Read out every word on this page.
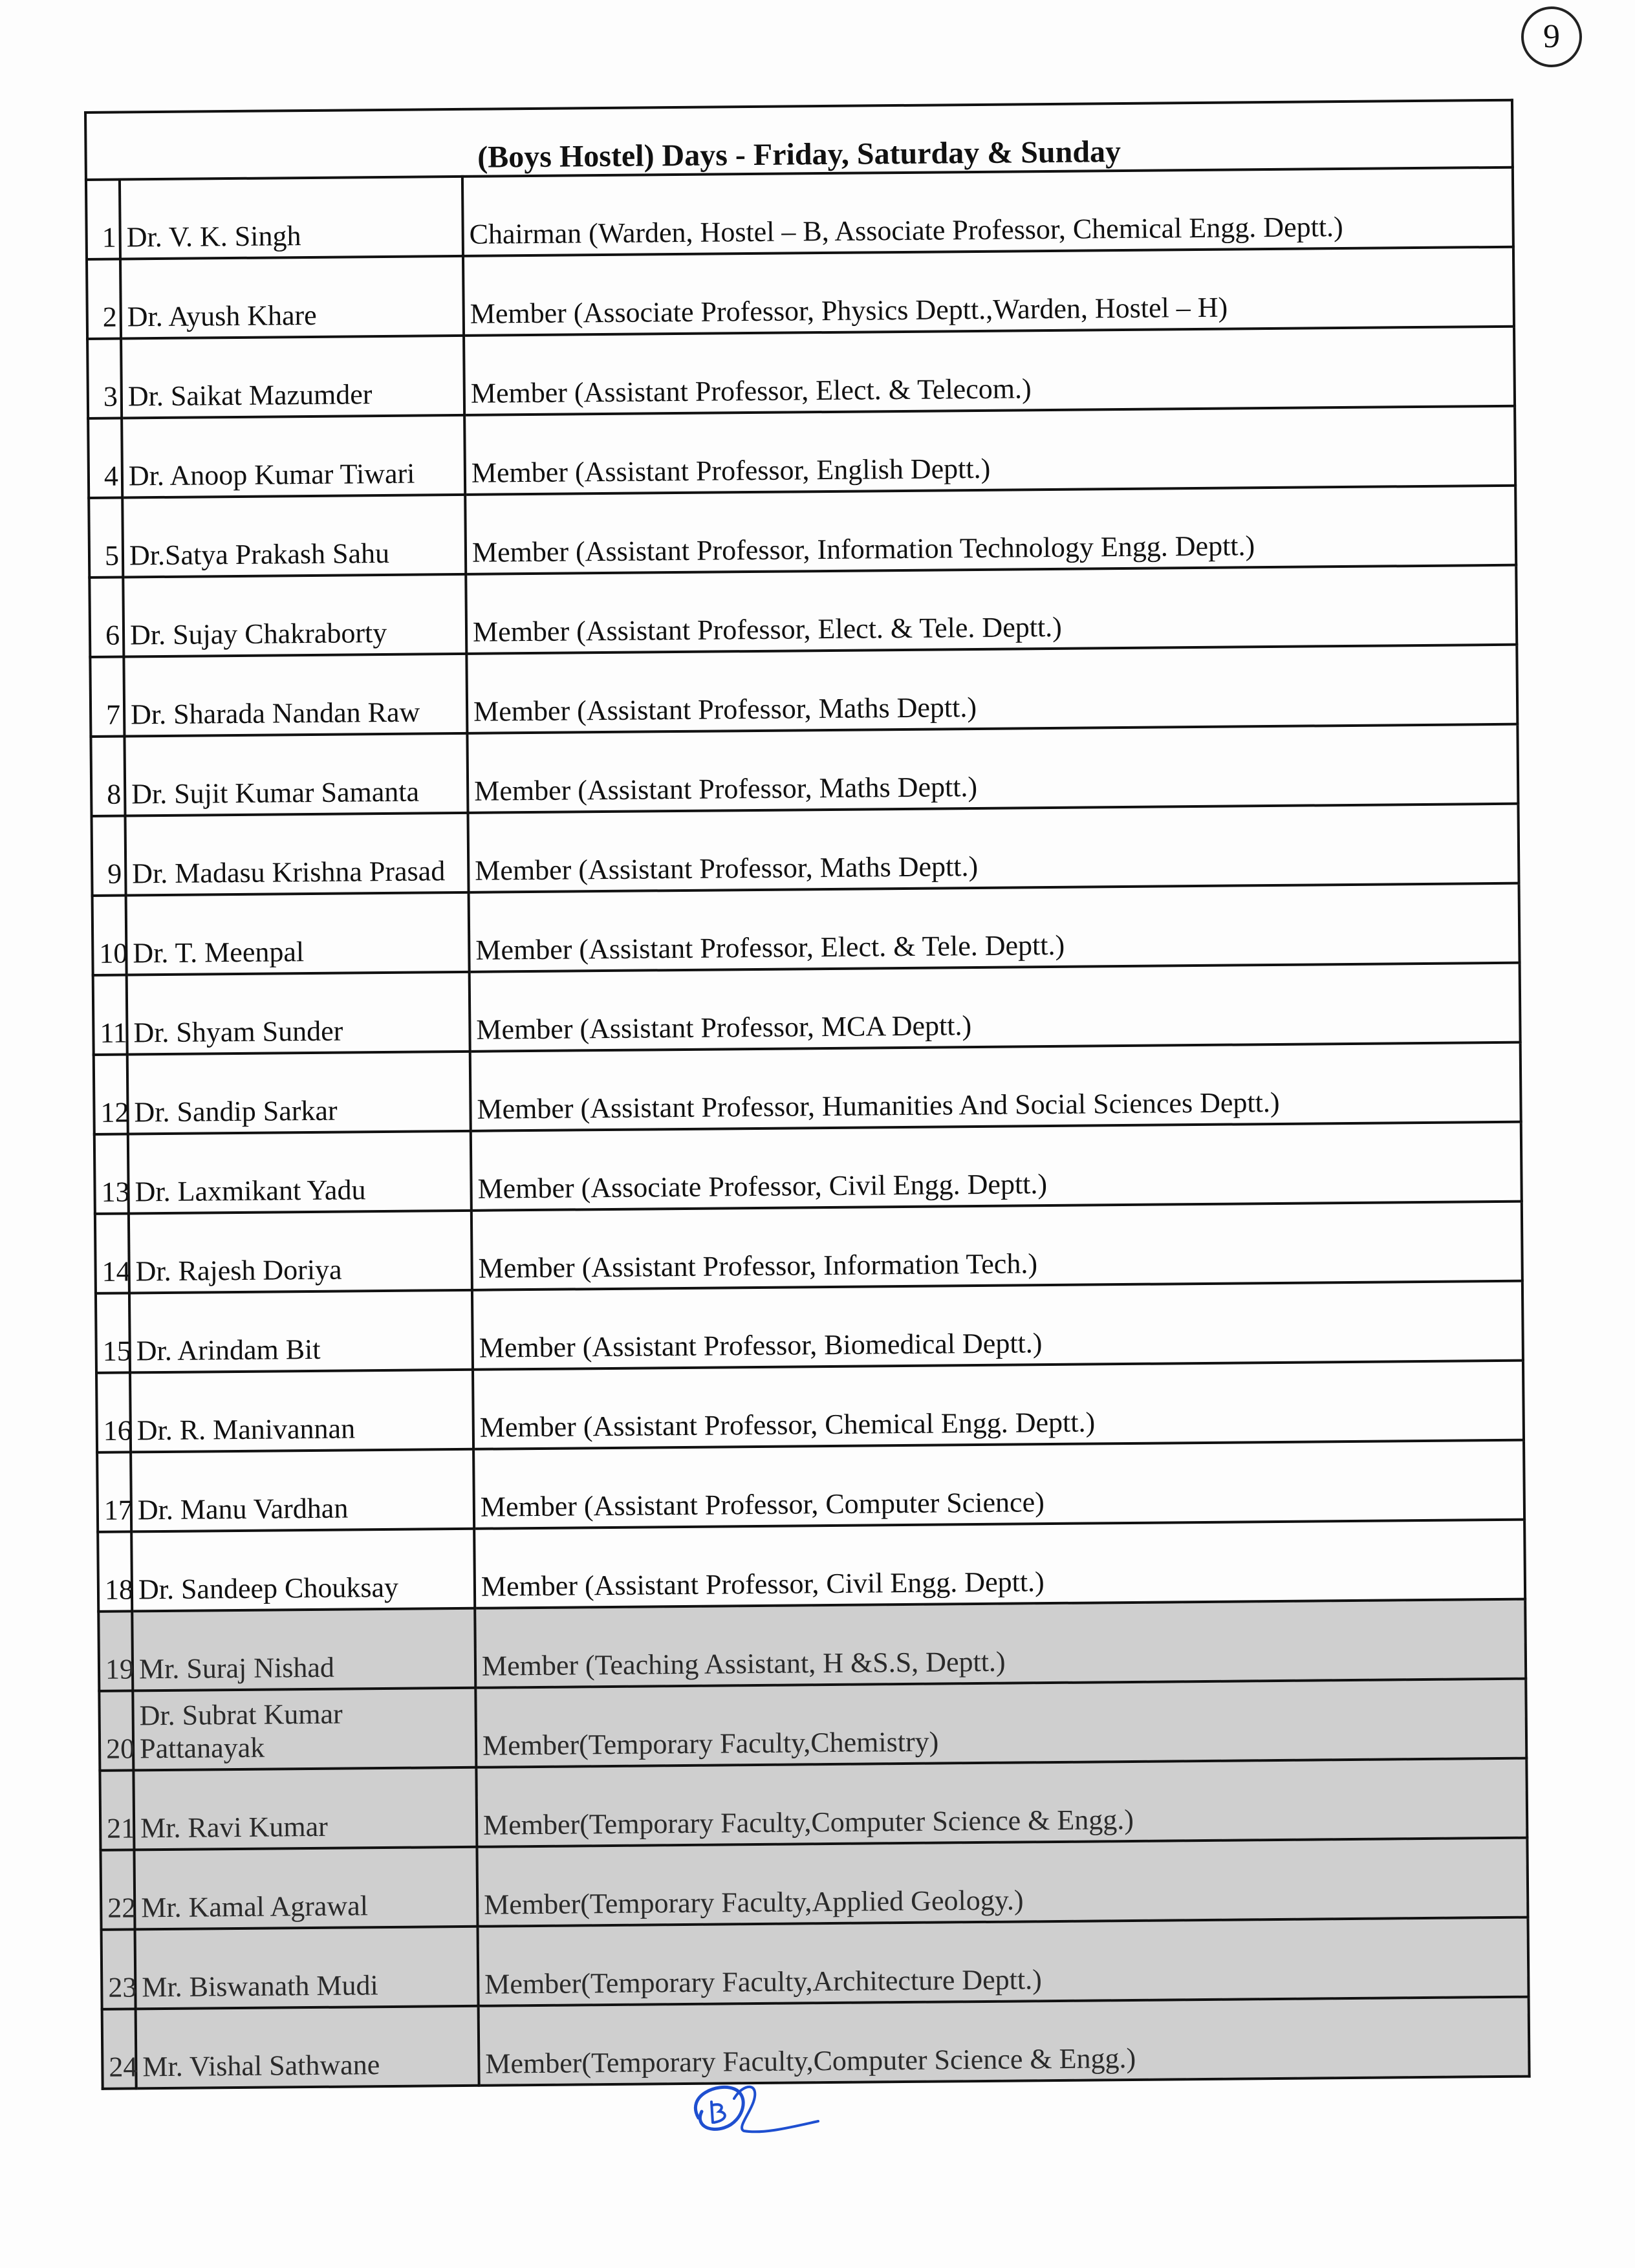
9
(Boys Hostel) Days - Friday, Saturday & Sunday		
1	Dr. V. K. Singh	Chairman (Warden, Hostel – B, Associate Professor, Chemical Engg. Deptt.)
2	Dr. Ayush Khare	Member (Associate Professor, Physics Deptt.,Warden, Hostel – H)
3	Dr. Saikat Mazumder	Member (Assistant Professor, Elect. & Telecom.)
4	Dr. Anoop Kumar Tiwari	Member (Assistant Professor, English Deptt.)
5	Dr.Satya Prakash Sahu	Member (Assistant Professor, Information Technology Engg. Deptt.)
6	Dr. Sujay Chakraborty	Member (Assistant Professor, Elect. & Tele. Deptt.)
7	Dr. Sharada Nandan Raw	Member (Assistant Professor, Maths Deptt.)
8	Dr. Sujit Kumar Samanta	Member (Assistant Professor, Maths Deptt.)
9	Dr. Madasu Krishna Prasad	Member (Assistant Professor, Maths Deptt.)
10	Dr. T. Meenpal	Member (Assistant Professor, Elect. & Tele. Deptt.)
11	Dr. Shyam Sunder	Member (Assistant Professor, MCA Deptt.)
12	Dr. Sandip Sarkar	Member (Assistant Professor, Humanities And Social Sciences Deptt.)
13	Dr. Laxmikant Yadu	Member (Associate Professor, Civil Engg. Deptt.)
14	Dr. Rajesh Doriya	Member (Assistant Professor, Information Tech.)
15	Dr. Arindam Bit	Member (Assistant Professor, Biomedical Deptt.)
16	Dr. R. Manivannan	Member (Assistant Professor, Chemical Engg. Deptt.)
17	Dr. Manu Vardhan	Member (Assistant Professor, Computer Science)
18	Dr. Sandeep Chouksay	Member (Assistant Professor, Civil Engg. Deptt.)
19	Mr. Suraj Nishad	Member (Teaching Assistant, H &S.S, Deptt.)
20	Dr. Subrat Kumar Pattanayak	Member(Temporary Faculty,Chemistry)
21	Mr. Ravi Kumar	Member(Temporary Faculty,Computer Science & Engg.)
22	Mr. Kamal Agrawal	Member(Temporary Faculty,Applied Geology.)
23	Mr. Biswanath Mudi	Member(Temporary Faculty,Architecture Deptt.)
24	Mr. Vishal Sathwane	Member(Temporary Faculty,Computer Science & Engg.)
